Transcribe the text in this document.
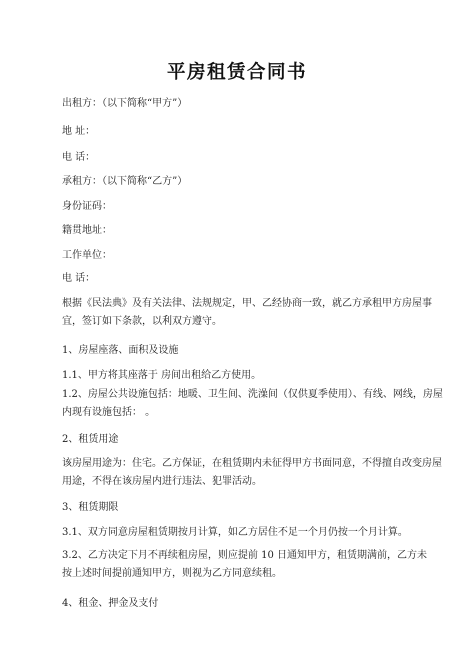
平房租赁合同书
出租方：（以下简称“甲方”）
地 址：
电 话：
承租方：（以下简称“乙方”）
身份证码：
籍贯地址：
工作单位：
电 话：
根据《民法典》及有关法律、法规规定，甲、乙经协商一致，就乙方承租甲方房屋事
宜，签订如下条款，以利双方遵守。
1、房屋座落、面积及设施
1.1、甲方将其座落于 房间出租给乙方使用。
1.2、房屋公共设施包括：地暖、卫生间、洗澡间（仅供夏季使用）、有线、网线，房屋
内现有设施包括： 。
2、租赁用途
该房屋用途为：住宅。乙方保证，在租赁期内未征得甲方书面同意，不得擅自改变房屋
用途，不得在该房屋内进行违法、犯罪活动。
3、租赁期限
3.1、双方同意房屋租赁期按月计算，如乙方居住不足一个月仍按一个月计算。
3.2、乙方决定下月不再续租房屋，则应提前 10 日通知甲方，租赁期满前，乙方未
按上述时间提前通知甲方，则视为乙方同意续租。
4、租金、押金及支付
